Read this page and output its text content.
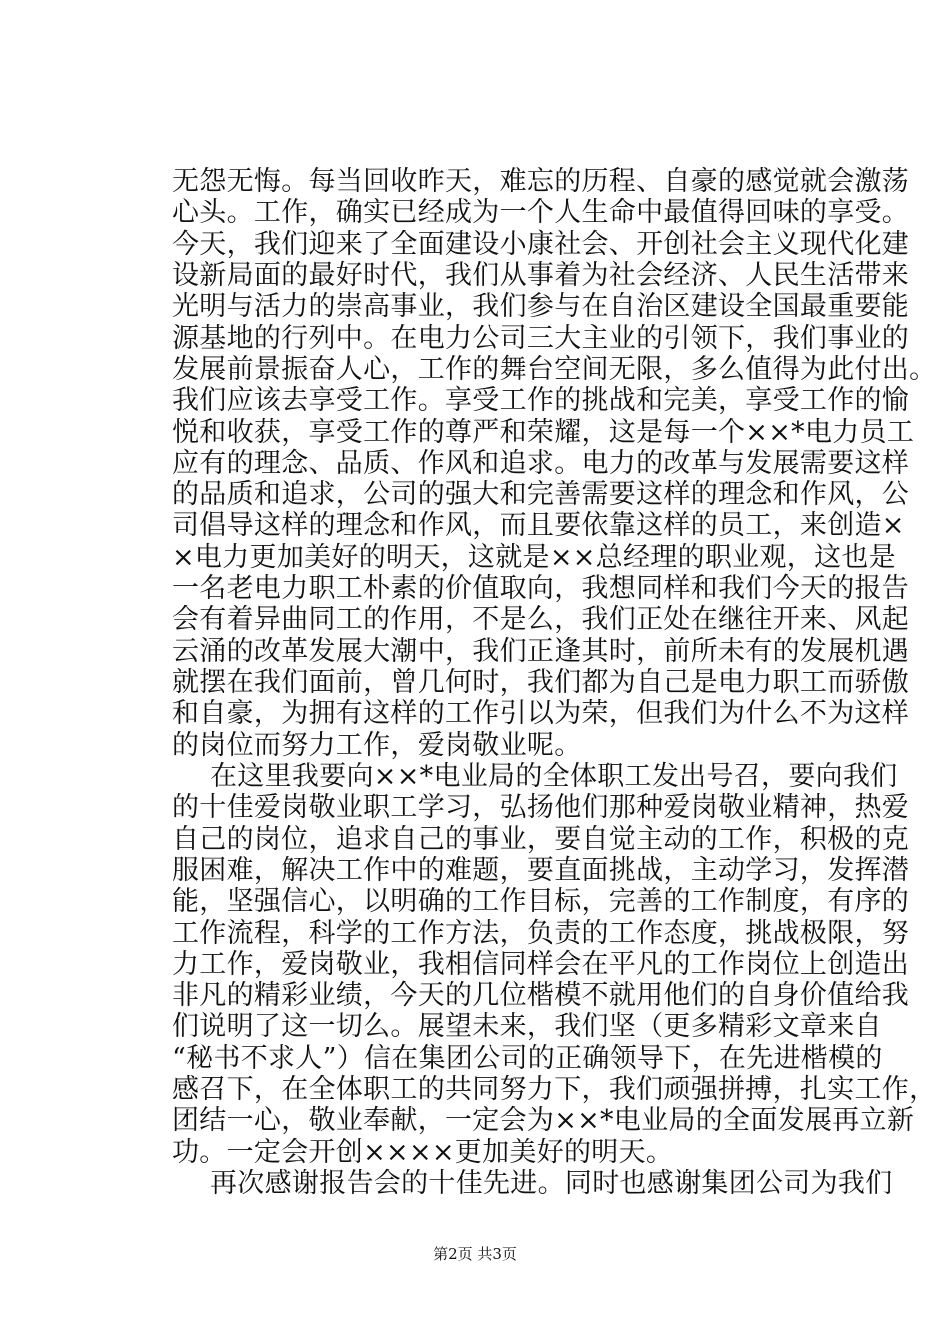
无怨无悔。每当回收昨天，难忘的历程、自豪的感觉就会激荡
心头。工作，确实已经成为一个人生命中最值得回味的享受。
今天，我们迎来了全面建设小康社会、开创社会主义现代化建
设新局面的最好时代，我们从事着为社会经济、人民生活带来
光明与活力的崇高事业，我们参与在自治区建设全国最重要能
源基地的行列中。在电力公司三大主业的引领下，我们事业的
发展前景振奋人心，工作的舞台空间无限，多么值得为此付出。
我们应该去享受工作。享受工作的挑战和完美，享受工作的愉
悦和收获，享受工作的尊严和荣耀，这是每一个××*电力员工
应有的理念、品质、作风和追求。电力的改革与发展需要这样
的品质和追求，公司的强大和完善需要这样的理念和作风，公
司倡导这样的理念和作风，而且要依靠这样的员工，来创造×
×电力更加美好的明天，这就是××总经理的职业观，这也是
一名老电力职工朴素的价值取向，我想同样和我们今天的报告
会有着异曲同工的作用，不是么，我们正处在继往开来、风起
云涌的改革发展大潮中，我们正逢其时，前所未有的发展机遇
就摆在我们面前，曾几何时，我们都为自己是电力职工而骄傲
和自豪，为拥有这样的工作引以为荣，但我们为什么不为这样
的岗位而努力工作，爱岗敬业呢。
在这里我要向××*电业局的全体职工发出号召，要向我们
的十佳爱岗敬业职工学习，弘扬他们那种爱岗敬业精神，热爱
自己的岗位，追求自己的事业，要自觉主动的工作，积极的克
服困难，解决工作中的难题，要直面挑战，主动学习，发挥潜
能，坚强信心，以明确的工作目标，完善的工作制度，有序的
工作流程，科学的工作方法，负责的工作态度，挑战极限，努
力工作，爱岗敬业，我相信同样会在平凡的工作岗位上创造出
非凡的精彩业绩，今天的几位楷模不就用他们的自身价值给我
们说明了这一切么。展望未来，我们坚（更多精彩文章来自
“秘书不求人”）信在集团公司的正确领导下，在先进楷模的
感召下，在全体职工的共同努力下，我们顽强拼搏，扎实工作，
团结一心，敬业奉献，一定会为××*电业局的全面发展再立新
功。一定会开创××××更加美好的明天。
再次感谢报告会的十佳先进。同时也感谢集团公司为我们
第2页 共3页
